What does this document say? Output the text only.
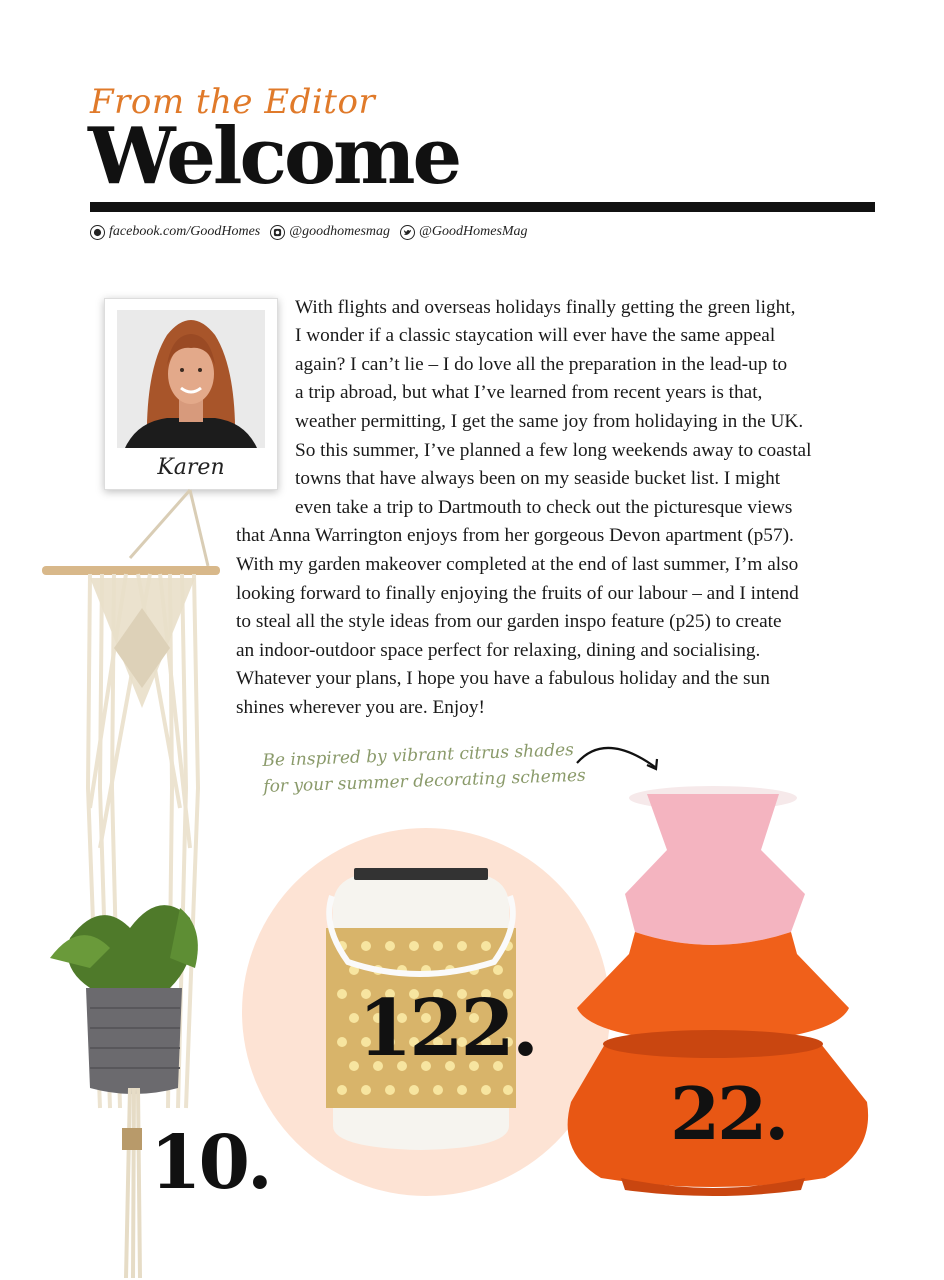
From the Editor
Welcome
facebook.com/GoodHomes @goodhomesmag @GoodHomesMag
Karen
With flights and overseas holidays finally getting the green light,
I wonder if a classic staycation will ever have the same appeal
again? I can’t lie – I do love all the preparation in the lead-up to
a trip abroad, but what I’ve learned from recent years is that,
weather permitting, I get the same joy from holidaying in the UK.
So this summer, I’ve planned a few long weekends away to coastal
towns that have always been on my seaside bucket list. I might
even take a trip to Dartmouth to check out the picturesque views
that Anna Warrington enjoys from her gorgeous Devon apartment (p57).
With my garden makeover completed at the end of last summer, I’m also
looking forward to finally enjoying the fruits of our labour – and I intend
to steal all the style ideas from our garden inspo feature (p25) to create
an indoor-outdoor space perfect for relaxing, dining and socialising.
Whatever your plans, I hope you have a fabulous holiday and the sun
shines wherever you are. Enjoy!
Be inspired by vibrant citrus shades
for your summer decorating schemes
122.
22.
10.
